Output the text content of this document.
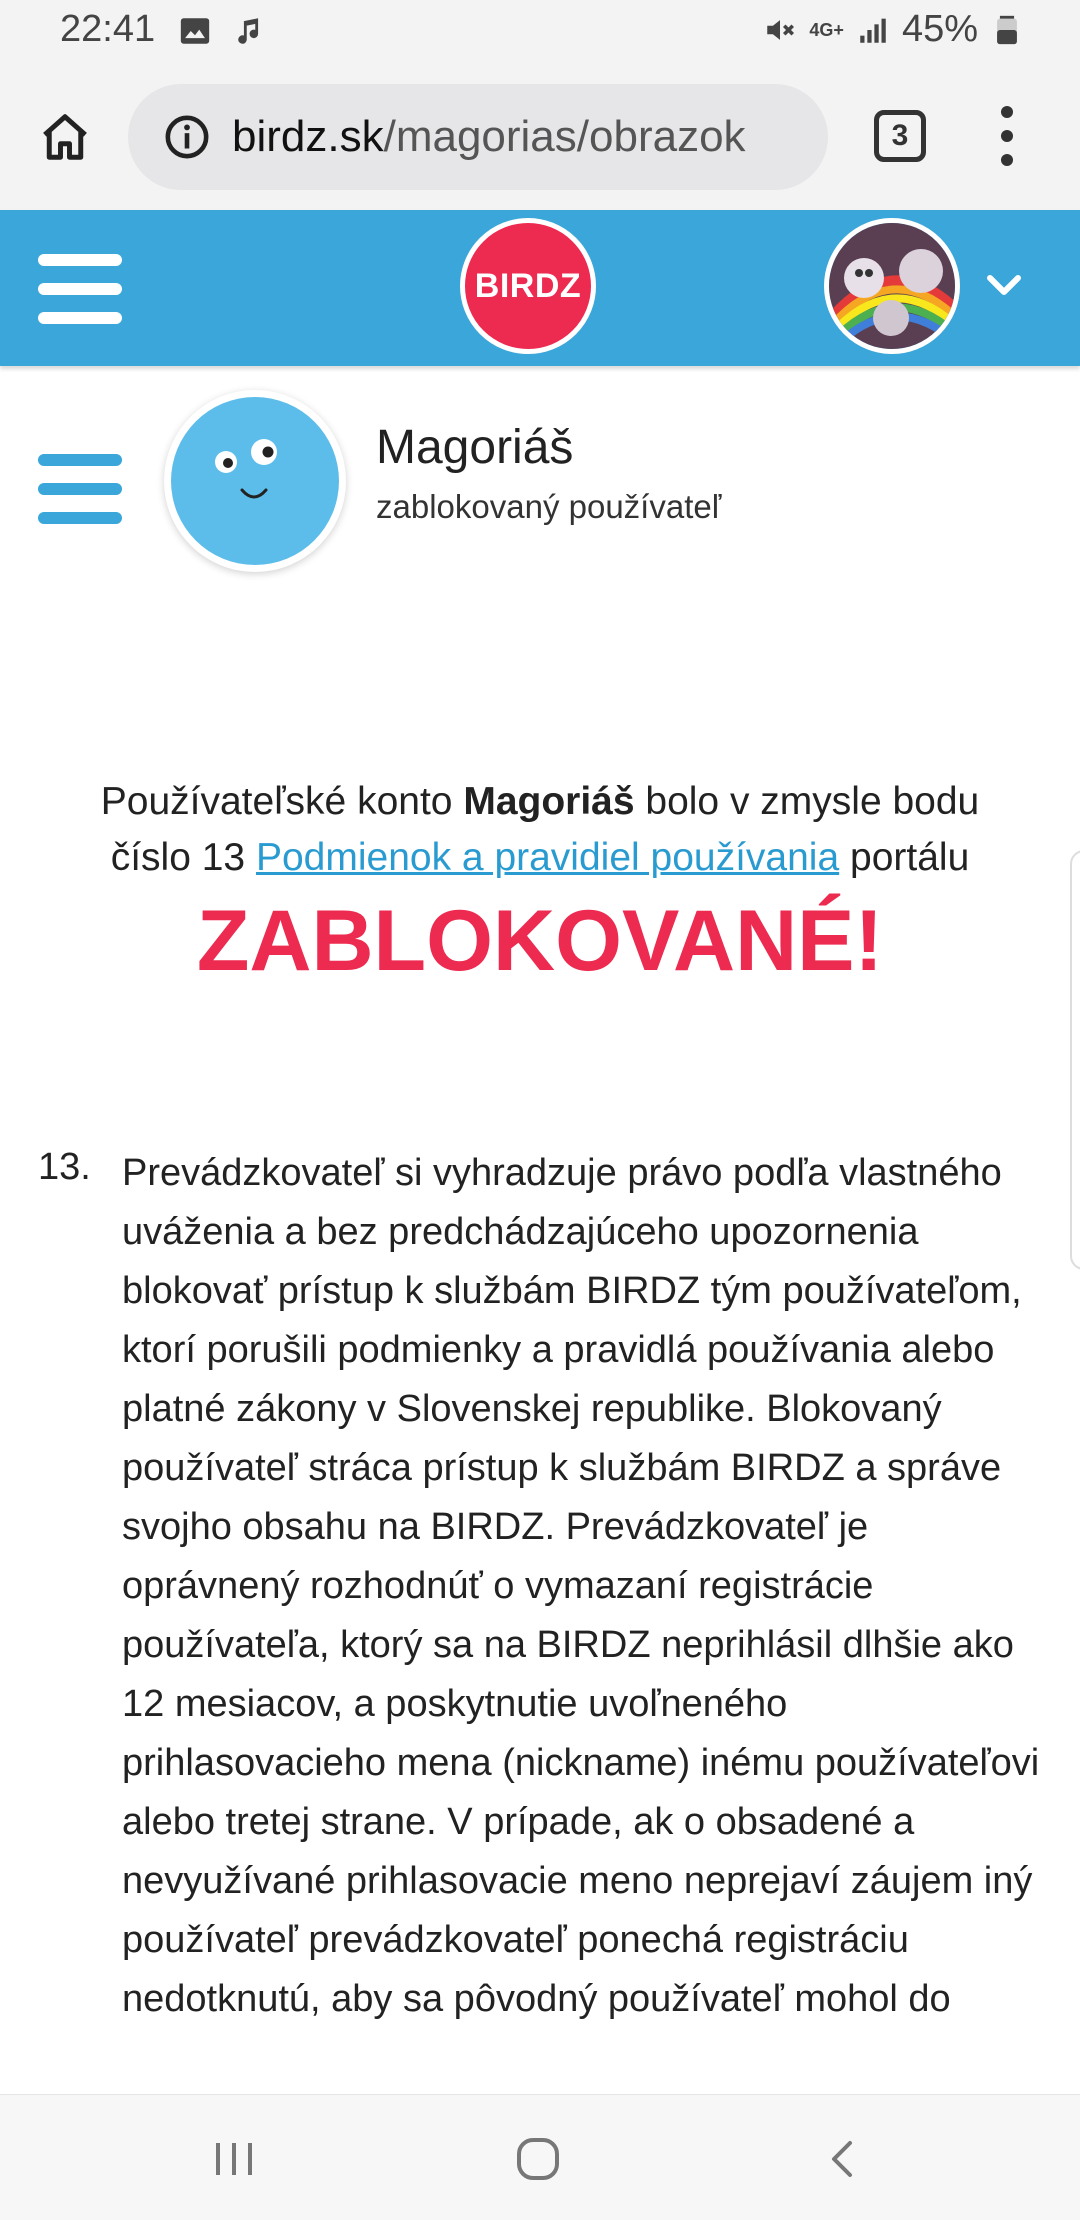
22:41	4G+ 45%
birdz.sk/magorias/obrazok	3
BIRDZ
Magoriáš
zablokovaný používateľ
Používateľské konto Magoriáš bolo v zmysle bodu číslo 13 Podmienok a pravidiel používania portálu
ZABLOKOVANÉ!
13. Prevádzkovateľ si vyhradzuje právo podľa vlastného uváženia a bez predchádzajúceho upozornenia blokovať prístup k službám BIRDZ tým používateľom, ktorí porušili podmienky a pravidlá používania alebo platné zákony v Slovenskej republike. Blokovaný používateľ stráca prístup k službám BIRDZ a správe svojho obsahu na BIRDZ. Prevádzkovateľ je oprávnený rozhodnúť o vymazaní registrácie používateľa, ktorý sa na BIRDZ neprihlásil dlhšie ako 12 mesiacov, a poskytnutie uvoľneného prihlasovacieho mena (nickname) inému používateľovi alebo tretej strane. V prípade, ak o obsadené a nevyužívané prihlasovacie meno neprejaví záujem iný používateľ prevádzkovateľ ponechá registráciu nedotknutú, aby sa pôvodný používateľ mohol do
